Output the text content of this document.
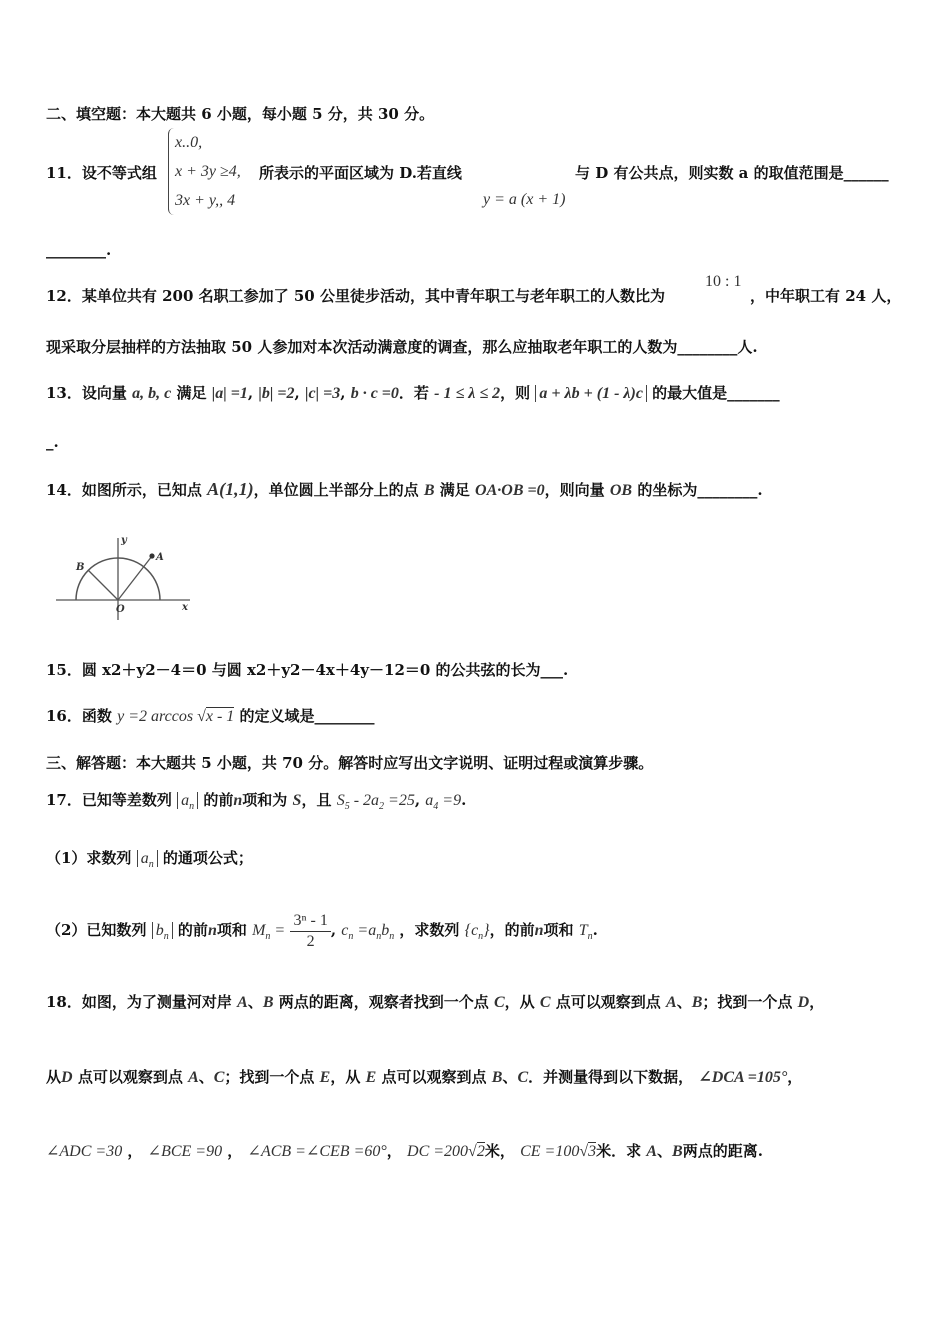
二、填空题：本大题共 6 小题，每小题 5 分，共 30 分。
11．设不等式组
x..0,
x + 3y ≥4,
3x + y,, 4
所表示的平面区域为 D.若直线
y = a (x + 1)
与 D 有公共点，则实数 a 的取值范围是______
________.
12．某单位共有 200 名职工参加了 50 公里徒步活动，其中青年职工与老年职工的人数比为
10 : 1
，中年职工有 24 人，
现采取分层抽样的方法抽取 50 人参加对本次活动满意度的调查，那么应抽取老年职工的人数为________人.
13．设向量 a, b, c 满足 |a| =1, |b| =2, |c| =3, b · c =0．若 - 1 ≤ λ ≤ 2，则 a + λb + (1 - λ)c 的最大值是_______
_.
14．如图所示，已知点 A(1,1)，单位圆上半部分上的点 B 满足 OA·OB =0，则向量 OB 的坐标为________.
y
x
O
A
B
15．圆 x2＋y2－4＝0 与圆 x2＋y2－4x＋4y－12＝0 的公共弦的长为___.
16．函数 y =2 arccos √x - 1 的定义域是________
三、解答题：本大题共 5 小题，共 70 分。解答时应写出文字说明、证明过程或演算步骤。
17．已知等差数列 $a_n$ 的前n项和为 S，且 $S_5 - 2a_2 =25$, $a_4 =9$.
（1）求数列 $a_n$ 的通项公式；
（2）已知数列 $b_n$ 的前n项和 $M_n = \frac{\text{3ⁿ - 1}}{2}$ , $c_n =a_nb_n$ ，求数列 $\{c_n\}$，的前n项和 $T_n$.
18．如图，为了测量河对岸 A、B 两点的距离，观察者找到一个点 C，从 C 点可以观察到点 A、B；找到一个点 D，
从D 点可以观察到点 A、C；找到一个点 E，从 E 点可以观察到点 B、C．并测量得到以下数据， ∠DCA =105°，
∠ADC =30 ， ∠BCE =90 ， ∠ACB =∠CEB =60°， DC =200√2米， CE =100√3米．求 A、B两点的距离.
